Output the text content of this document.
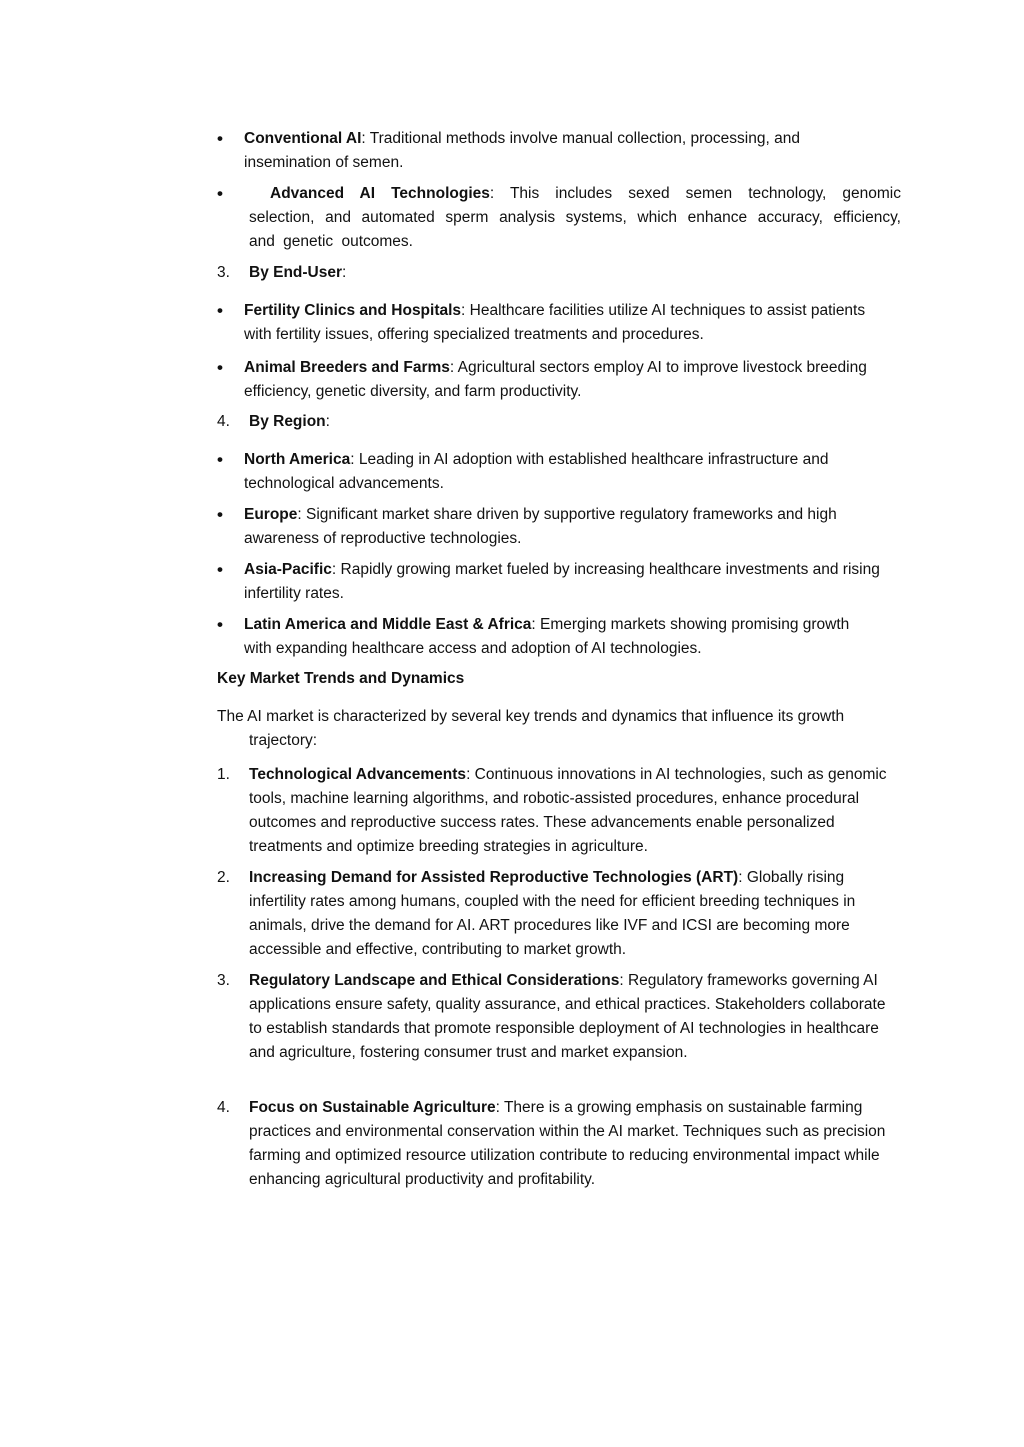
•	Conventional AI: Traditional methods involve manual collection, processing, and insemination of semen.
•	Advanced AI Technologies: This includes sexed semen technology, genomic selection, and automated sperm analysis systems, which enhance accuracy, efficiency, and genetic outcomes.
3.	By End-User:
•	Fertility Clinics and Hospitals: Healthcare facilities utilize AI techniques to assist patients with fertility issues, offering specialized treatments and procedures.
•	Animal Breeders and Farms: Agricultural sectors employ AI to improve livestock breeding efficiency, genetic diversity, and farm productivity.
4.	By Region:
•	North America: Leading in AI adoption with established healthcare infrastructure and technological advancements.
•	Europe: Significant market share driven by supportive regulatory frameworks and high awareness of reproductive technologies.
•	Asia-Pacific: Rapidly growing market fueled by increasing healthcare investments and rising infertility rates.
•	Latin America and Middle East & Africa: Emerging markets showing promising growth with expanding healthcare access and adoption of AI technologies.
Key Market Trends and Dynamics
The AI market is characterized by several key trends and dynamics that influence its growth trajectory:
1.	Technological Advancements: Continuous innovations in AI technologies, such as genomic tools, machine learning algorithms, and robotic-assisted procedures, enhance procedural outcomes and reproductive success rates. These advancements enable personalized treatments and optimize breeding strategies in agriculture.
2.	Increasing Demand for Assisted Reproductive Technologies (ART): Globally rising infertility rates among humans, coupled with the need for efficient breeding techniques in animals, drive the demand for AI. ART procedures like IVF and ICSI are becoming more accessible and effective, contributing to market growth.
3.	Regulatory Landscape and Ethical Considerations: Regulatory frameworks governing AI applications ensure safety, quality assurance, and ethical practices. Stakeholders collaborate to establish standards that promote responsible deployment of AI technologies in healthcare and agriculture, fostering consumer trust and market expansion.
4.	Focus on Sustainable Agriculture: There is a growing emphasis on sustainable farming practices and environmental conservation within the AI market. Techniques such as precision farming and optimized resource utilization contribute to reducing environmental impact while enhancing agricultural productivity and profitability.
